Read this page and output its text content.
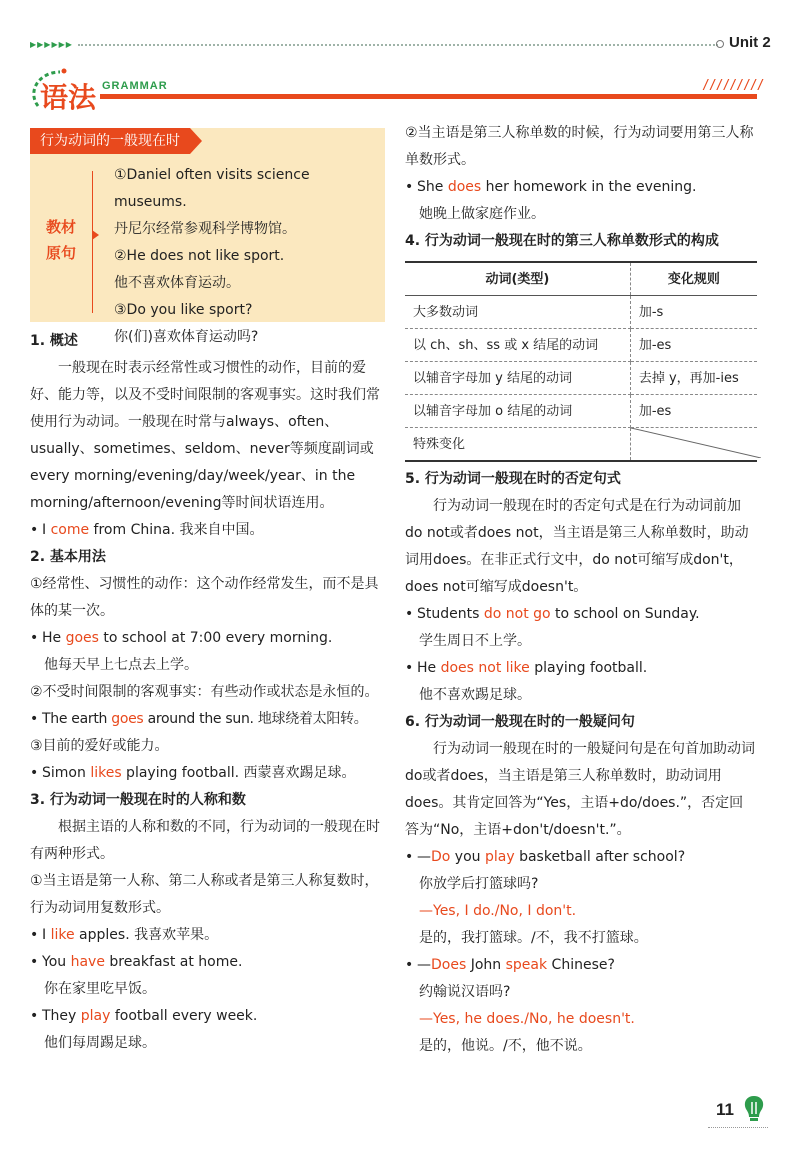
▶▶▶▶▶▶	Unit 2
语法 GRAMMAR	/////////
行为动词的一般现在时
教材
原句
①Daniel often visits science museums.
丹尼尔经常参观科学博物馆。
②He does not like sport.
他不喜欢体育运动。
③Do you like sport?
你(们)喜欢体育运动吗?

1. 概述

一般现在时表示经常性或习惯性的动作，目前的爱好、能力等，以及不受时间限制的客观事实。这时我们常使用行为动词。一般现在时常与always、often、usually、sometimes、seldom、never等频度副词或every morning/evening/day/week/year、in the morning/afternoon/evening等时间状语连用。

• I come from China. 我来自中国。

2. 基本用法

①经常性、习惯性的动作：这个动作经常发生，而不是具体的某一次。

• He goes to school at 7:00 every morning.

他每天早上七点去上学。

②不受时间限制的客观事实：有些动作或状态是永恒的。

• The earth goes around the sun. 地球绕着太阳转。

③目前的爱好或能力。

• Simon likes playing football. 西蒙喜欢踢足球。

3. 行为动词一般现在时的人称和数

根据主语的人称和数的不同，行为动词的一般现在时有两种形式。

①当主语是第一人称、第二人称或者是第三人称复数时，行为动词用复数形式。

• I like apples. 我喜欢苹果。

• You have breakfast at home.

你在家里吃早饭。

• They play football every week.

他们每周踢足球。

②当主语是第三人称单数的时候，行为动词要用第三人称单数形式。

• She does her homework in the evening.

她晚上做家庭作业。

4. 行为动词一般现在时的第三人称单数形式的构成

动词(类型)	变化规则
大多数动词	加-s
以 ch、sh、ss 或 x 结尾的动词	加-es
以辅音字母加 y 结尾的动词	去掉 y，再加-ies
以辅音字母加 o 结尾的动词	加-es
特殊变化	

5. 行为动词一般现在时的否定句式

行为动词一般现在时的否定句式是在行为动词前加do not或者does not，当主语是第三人称单数时，助动词用does。在非正式行文中，do not可缩写成don't，does not可缩写成doesn't。

• Students do not go to school on Sunday.

学生周日不上学。

• He does not like playing football.

他不喜欢踢足球。

6. 行为动词一般现在时的一般疑问句

行为动词一般现在时的一般疑问句是在句首加助动词do或者does，当主语是第三人称单数时，助动词用does。其肯定回答为“Yes，主语+do/does.”，否定回答为“No，主语+don't/doesn't.”。

• —Do you play basketball after school?

你放学后打篮球吗?

—Yes, I do./No, I don't.

是的，我打篮球。/不，我不打篮球。

• —Does John speak Chinese?

约翰说汉语吗?

—Yes, he does./No, he doesn't.

是的，他说。/不，他不说。

11
